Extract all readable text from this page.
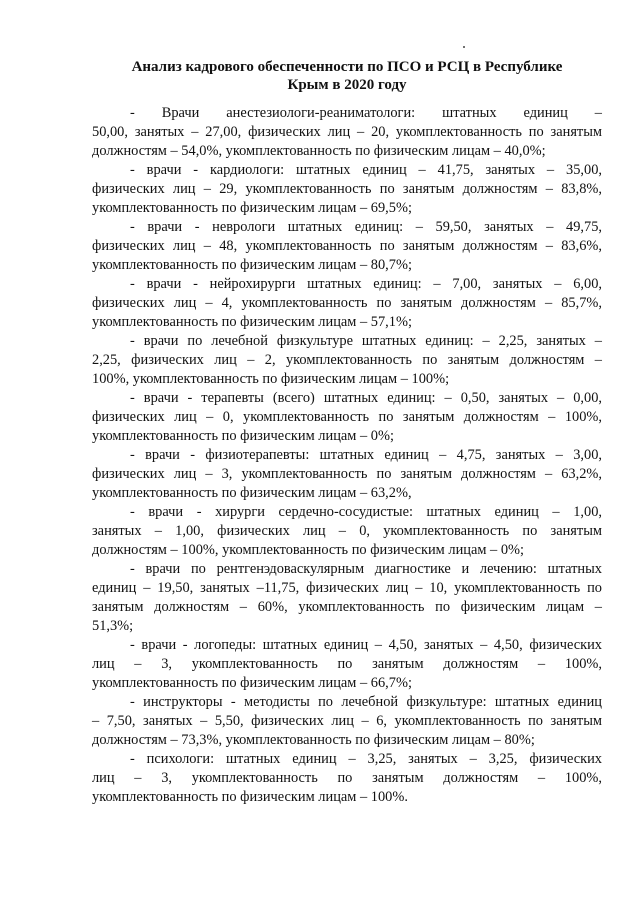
Анализ кадрового обеспеченности по ПСО и РСЦ в Республике
Крым в 2020 году
- Врачи анестезиологи-реаниматологи: штатных единиц –
50,00, занятых – 27,00, физических лиц – 20, укомплектованность по занятым
должностям – 54,0%, укомплектованность по физическим лицам – 40,0%;
- врачи - кардиологи: штатных единиц – 41,75, занятых – 35,00,
физических лиц – 29, укомплектованность по занятым должностям – 83,8%,
укомплектованность по физическим лицам – 69,5%;
- врачи - неврологи штатных единиц: – 59,50, занятых – 49,75,
физических лиц – 48, укомплектованность по занятым должностям – 83,6%,
укомплектованность по физическим лицам – 80,7%;
- врачи - нейрохирурги штатных единиц: – 7,00, занятых – 6,00,
физических лиц – 4, укомплектованность по занятым должностям – 85,7%,
укомплектованность по физическим лицам – 57,1%;
- врачи по лечебной физкультуре штатных единиц: – 2,25, занятых –
2,25, физических лиц – 2, укомплектованность по занятым должностям –
100%, укомплектованность по физическим лицам – 100%;
- врачи - терапевты (всего) штатных единиц: – 0,50, занятых – 0,00,
физических лиц – 0, укомплектованность по занятым должностям – 100%,
укомплектованность по физическим лицам – 0%;
- врачи - физиотерапевты: штатных единиц – 4,75, занятых – 3,00,
физических лиц – 3, укомплектованность по занятым должностям – 63,2%,
укомплектованность по физическим лицам – 63,2%,
- врачи - хирурги сердечно-сосудистые: штатных единиц – 1,00,
занятых – 1,00, физических лиц – 0, укомплектованность по занятым
должностям – 100%, укомплектованность по физическим лицам – 0%;
- врачи по рентгенэдоваскулярным диагностике и лечению: штатных
единиц – 19,50, занятых –11,75, физических лиц – 10, укомплектованность по
занятым должностям – 60%, укомплектованность по физическим лицам –
51,3%;
- врачи - логопеды: штатных единиц – 4,50, занятых – 4,50, физических
лиц – 3, укомплектованность по занятым должностям – 100%,
укомплектованность по физическим лицам – 66,7%;
- инструкторы - методисты по лечебной физкультуре: штатных единиц
– 7,50, занятых – 5,50, физических лиц – 6, укомплектованность по занятым
должностям – 73,3%, укомплектованность по физическим лицам – 80%;
- психологи: штатных единиц – 3,25, занятых – 3,25, физических
лиц – 3, укомплектованность по занятым должностям – 100%,
укомплектованность по физическим лицам – 100%.
